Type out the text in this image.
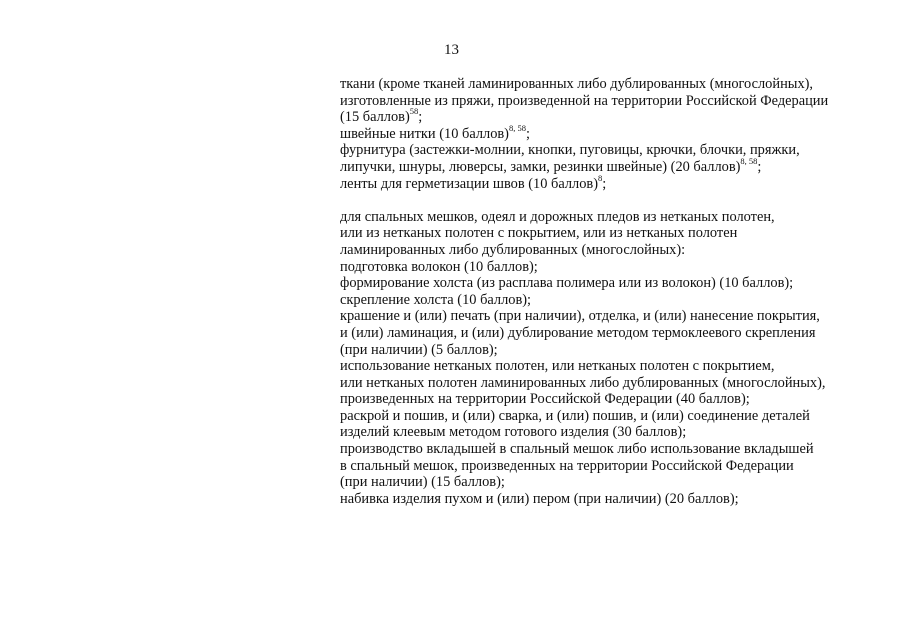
13
ткани (кроме тканей ламинированных либо дублированных (многослойных),
изготовленные из пряжи, произведенной на территории Российской Федерации
(15 баллов)$^{58}$;
швейные нитки (10 баллов)$^{8, 58}$;
фурнитура (застежки-молнии, кнопки, пуговицы, крючки, блочки, пряжки,
липучки, шнуры, люверсы, замки, резинки швейные) (20 баллов)$^{8, 58}$;
ленты для герметизации швов (10 баллов)$^8$;
для спальных мешков, одеял и дорожных пледов из нетканых полотен,
или из нетканых полотен с покрытием, или из нетканых полотен
ламинированных либо дублированных (многослойных):
подготовка волокон (10 баллов);
формирование холста (из расплава полимера или из волокон) (10 баллов);
скрепление холста (10 баллов);
крашение и (или) печать (при наличии), отделка, и (или) нанесение покрытия,
и (или) ламинация, и (или) дублирование методом термоклеевого скрепления
(при наличии) (5 баллов);
использование нетканых полотен, или нетканых полотен с покрытием,
или нетканых полотен ламинированных либо дублированных (многослойных),
произведенных на территории Российской Федерации (40 баллов);
раскрой и пошив, и (или) сварка, и (или) пошив, и (или) соединение деталей
изделий клеевым методом готового изделия (30 баллов);
производство вкладышей в спальный мешок либо использование вкладышей
в спальный мешок, произведенных на территории Российской Федерации
(при наличии) (15 баллов);
набивка изделия пухом и (или) пером (при наличии) (20 баллов);
